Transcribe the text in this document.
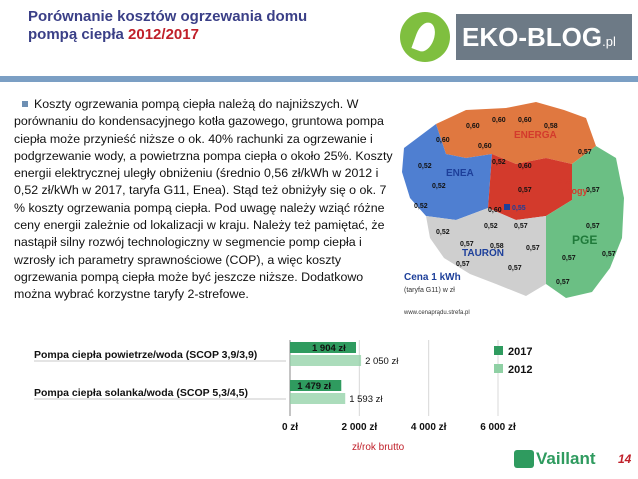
Porównanie kosztów ogrzewania domu
pompą ciepła 2012/2017	EKO-BLOG.pl
Koszty ogrzewania pompą ciepła należą do najniższych. W porównaniu do kondensacyjnego kotła gazowego, gruntowa pompa ciepła może przynieść niższe o ok. 40% rachunki za ogrzewanie i podgrzewanie wody, a powietrzna pompa ciepła o około 25%. Koszty energii elektrycznej uległy obniżeniu (średnio 0,56 zł/kWh w 2012 i 0,52 zł/kWh w 2017, taryfa G11, Enea). Stąd też obniżyły się o ok. 7 % koszty ogrzewania pompą ciepła. Pod uwagę należy wziąć różne ceny energii zależnie od lokalizacji w kraju. Należy też pamiętać, że nastąpił silny rozwój technologiczny w segmencie pomp ciepła i wzrosły ich parametry sprawnościowe (COP), a więc koszty ogrzewania pompą ciepła może być jeszcze niższe. Dodatkowo można wybrać korzystne taryfy 2-strefowe.
0,60
0,60 0,60
0,58
0,60
0,52
0,60
0,57
0,52
0,52
0,60
0,52
0,57
0,60
0,52
0,57
0,57
0,57
0,52
0,57 0,58
0,57
0,57
0,57
0,57
0,57
0,57
ENERGA
ENEA
0,53
innogy
0,55
PGE
TAURON
Cena 1 kWh
(taryfa G11) w zł
www.cenaprądu.strefa.pl
Pompa ciepła powietrze/woda (SCOP 3,9/3,9)
Pompa ciepła solanka/woda (SCOP 5,3/4,5)
1 904 zł
2 050 zł
1 479 zł
1 593 zł
0 zł	2 000 zł	4 000 zł	6 000 zł
2017
2012
zł/rok brutto
Vaillant 14
